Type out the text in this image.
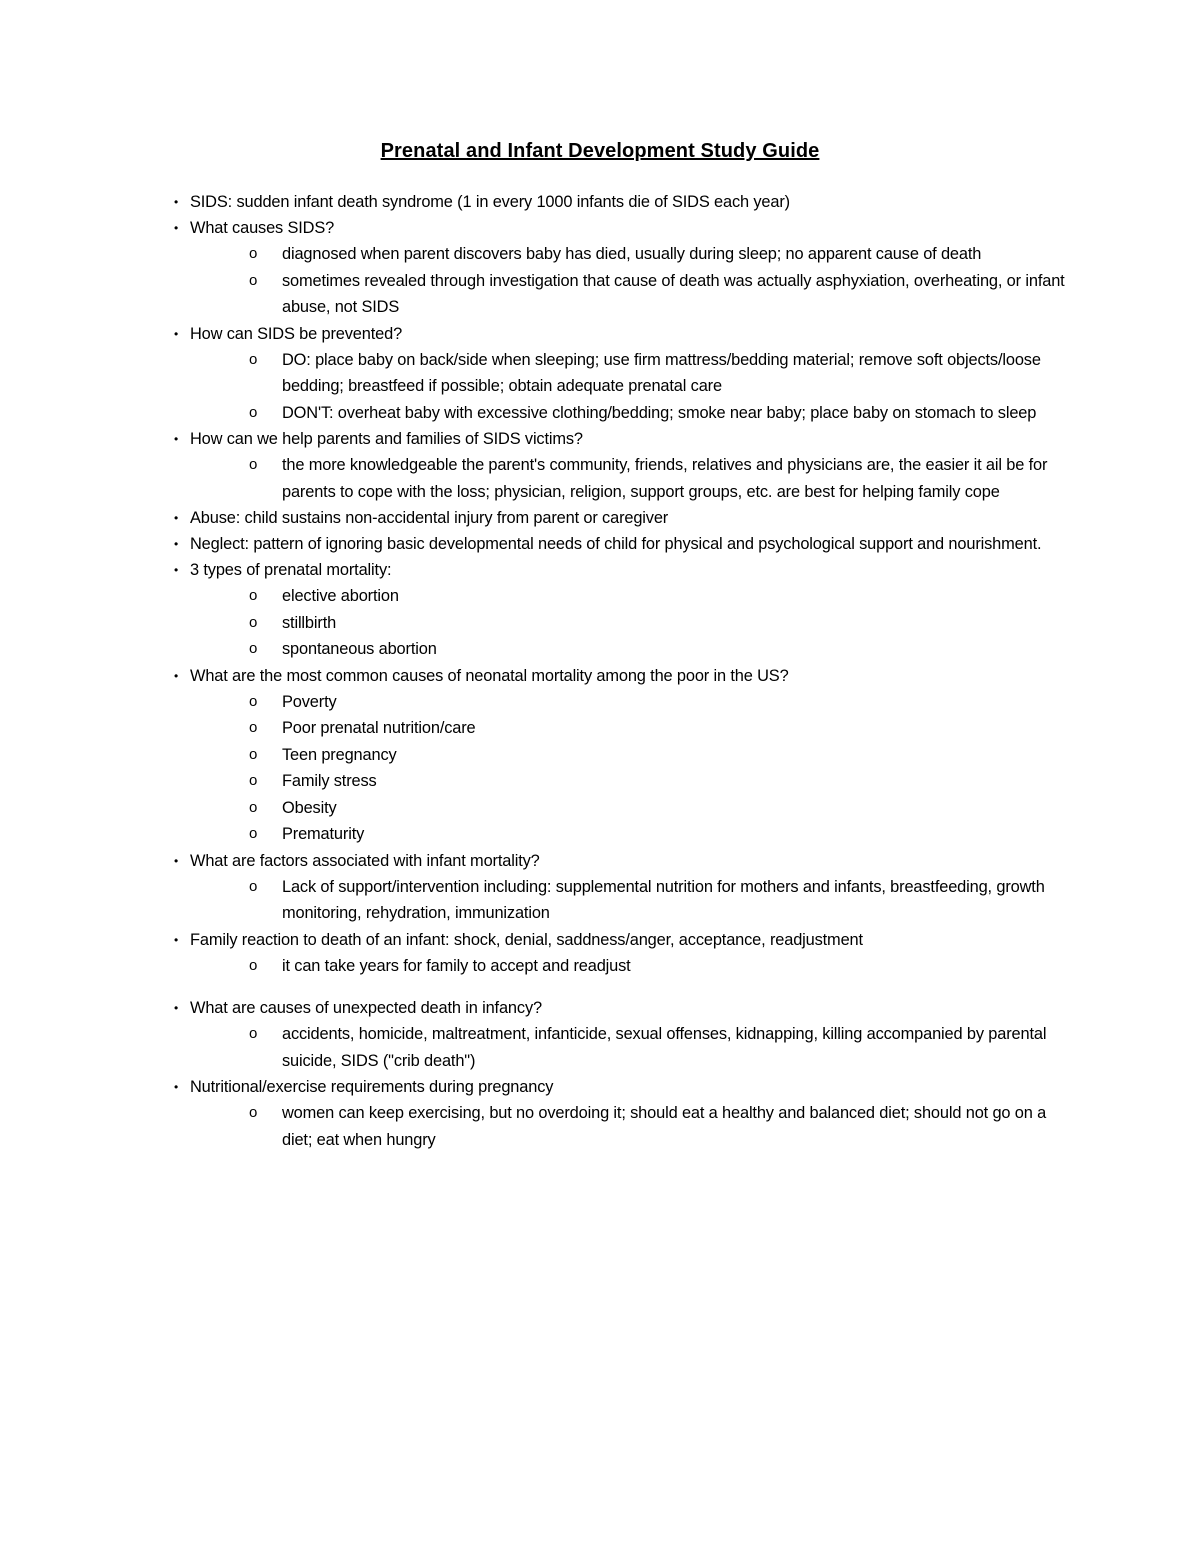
Prenatal and Infant Development Study Guide
• SIDS: sudden infant death syndrome (1 in every 1000 infants die of SIDS each year)
• What causes SIDS?
o diagnosed when parent discovers baby has died, usually during sleep; no apparent cause of death
o sometimes revealed through investigation that cause of death was actually asphyxiation, overheating, or infant abuse, not SIDS
• How can SIDS be prevented?
o DO: place baby on back/side when sleeping; use firm mattress/bedding material; remove soft objects/loose bedding; breastfeed if possible; obtain adequate prenatal care
o DON'T: overheat baby with excessive clothing/bedding; smoke near baby; place baby on stomach to sleep
• How can we help parents and families of SIDS victims?
o the more knowledgeable the parent's community, friends, relatives and physicians are, the easier it ail be for parents to cope with the loss; physician, religion, support groups, etc. are best for helping family cope
• Abuse: child sustains non-accidental injury from parent or caregiver
• Neglect: pattern of ignoring basic developmental needs of child for physical and psychological support and nourishment.
• 3 types of prenatal mortality:
o elective abortion
o stillbirth
o spontaneous abortion
• What are the most common causes of neonatal mortality among the poor in the US?
o Poverty
o Poor prenatal nutrition/care
o Teen pregnancy
o Family stress
o Obesity
o Prematurity
• What are factors associated with infant mortality?
o Lack of support/intervention including: supplemental nutrition for mothers and infants, breastfeeding, growth monitoring, rehydration, immunization
• Family reaction to death of an infant: shock, denial, saddness/anger, acceptance, readjustment
o it can take years for family to accept and readjust
• What are causes of unexpected death in infancy?
o accidents, homicide, maltreatment, infanticide, sexual offenses, kidnapping, killing accompanied by parental suicide, SIDS ("crib death")
• Nutritional/exercise requirements during pregnancy
o women can keep exercising, but no overdoing it; should eat a healthy and balanced diet; should not go on a diet; eat when hungry
